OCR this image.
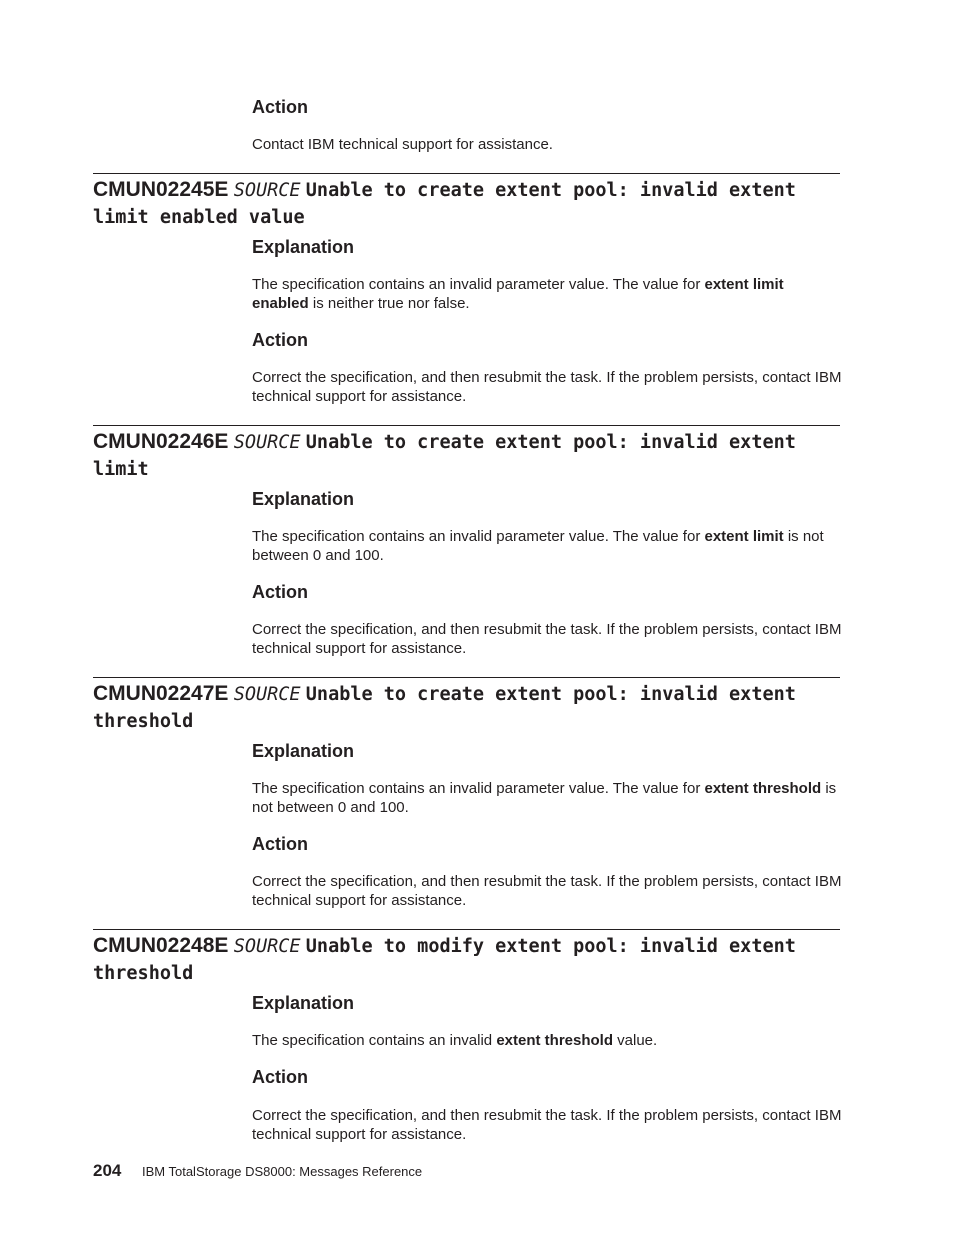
Action

Contact IBM technical support for assistance.

CMUN02245E SOURCE Unable to create extent pool: invalid extent
limit enabled value
Explanation

The specification contains an invalid parameter value. The value for extent limit enabled is neither true nor false.

Action

Correct the specification, and then resubmit the task. If the problem persists, contact IBM technical support for assistance.

CMUN02246E SOURCE Unable to create extent pool: invalid extent
limit
Explanation

The specification contains an invalid parameter value. The value for extent limit is not between 0 and 100.

Action

Correct the specification, and then resubmit the task. If the problem persists, contact IBM technical support for assistance.

CMUN02247E SOURCE Unable to create extent pool: invalid extent
threshold
Explanation

The specification contains an invalid parameter value. The value for extent threshold is not between 0 and 100.

Action

Correct the specification, and then resubmit the task. If the problem persists, contact IBM technical support for assistance.

CMUN02248E SOURCE Unable to modify extent pool: invalid extent
threshold
Explanation

The specification contains an invalid extent threshold value.

Action

Correct the specification, and then resubmit the task. If the problem persists, contact IBM technical support for assistance.

204 IBM TotalStorage DS8000: Messages Reference
